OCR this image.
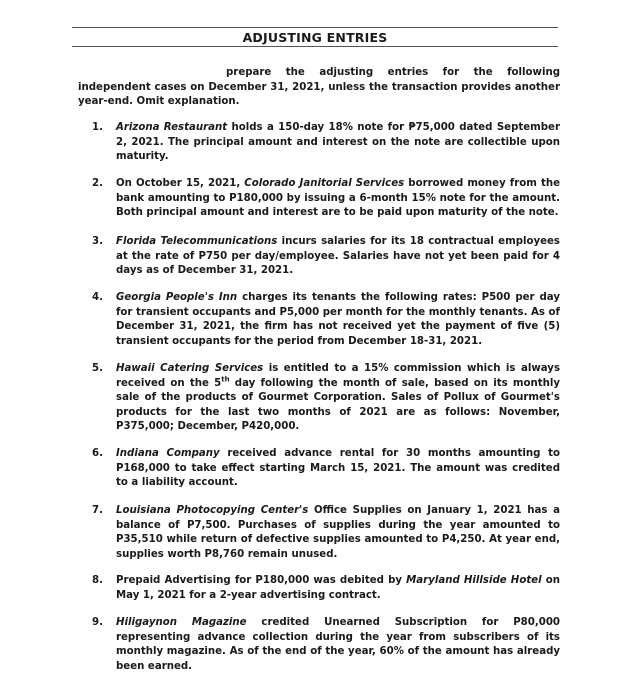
ADJUSTING ENTRIES
prepare the adjusting entries for the following independent cases on December 31, 2021, unless the transaction provides another year-end. Omit explanation.
1.	Arizona Restaurant holds a 150-day 18% note for ₱75,000 dated September 2, 2021. The principal amount and interest on the note are collectible upon maturity.
2.	On October 15, 2021, Colorado Janitorial Services borrowed money from the bank amounting to P180,000 by issuing a 6-month 15% note for the amount. Both principal amount and interest are to be paid upon maturity of the note.
3.	Florida Telecommunications incurs salaries for its 18 contractual employees at the rate of P750 per day/employee. Salaries have not yet been paid for 4 days as of December 31, 2021.
4.	Georgia People's Inn charges its tenants the following rates: P500 per day for transient occupants and P5,000 per month for the monthly tenants. As of December 31, 2021, the firm has not received yet the payment of five (5) transient occupants for the period from December 18-31, 2021.
5.	Hawaii Catering Services is entitled to a 15% commission which is always received on the 5th day following the month of sale, based on its monthly sale of the products of Gourmet Corporation. Sales of Pollux of Gourmet's products for the last two months of 2021 are as follows: November, P375,000; December, P420,000.
6.	Indiana Company received advance rental for 30 months amounting to P168,000 to take effect starting March 15, 2021. The amount was credited to a liability account.
7.	Louisiana Photocopying Center's Office Supplies on January 1, 2021 has a balance of P7,500. Purchases of supplies during the year amounted to P35,510 while return of defective supplies amounted to P4,250. At year end, supplies worth P8,760 remain unused.
8.	Prepaid Advertising for P180,000 was debited by Maryland Hillside Hotel on May 1, 2021 for a 2-year advertising contract.
9.	Hiligaynon Magazine credited Unearned Subscription for P80,000 representing advance collection during the year from subscribers of its monthly magazine. As of the end of the year, 60% of the amount has already been earned.
